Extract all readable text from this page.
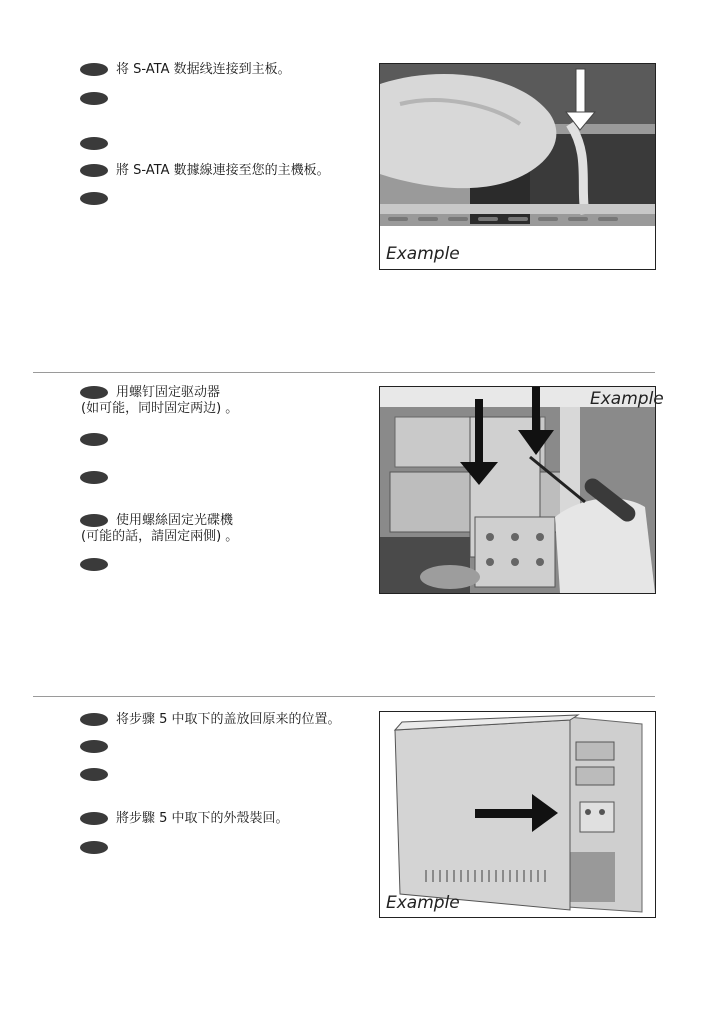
将 S-ATA 数据线连接到主板。
將 S-ATA 數據線連接至您的主機板。
Example
用螺钉固定驱动器
(如可能，同时固定两边) 。
使用螺絲固定光碟機
(可能的話，請固定兩側) 。
Example
将步骤 5 中取下的盖放回原来的位置。
將步驟 5 中取下的外殼裝回。
Example
